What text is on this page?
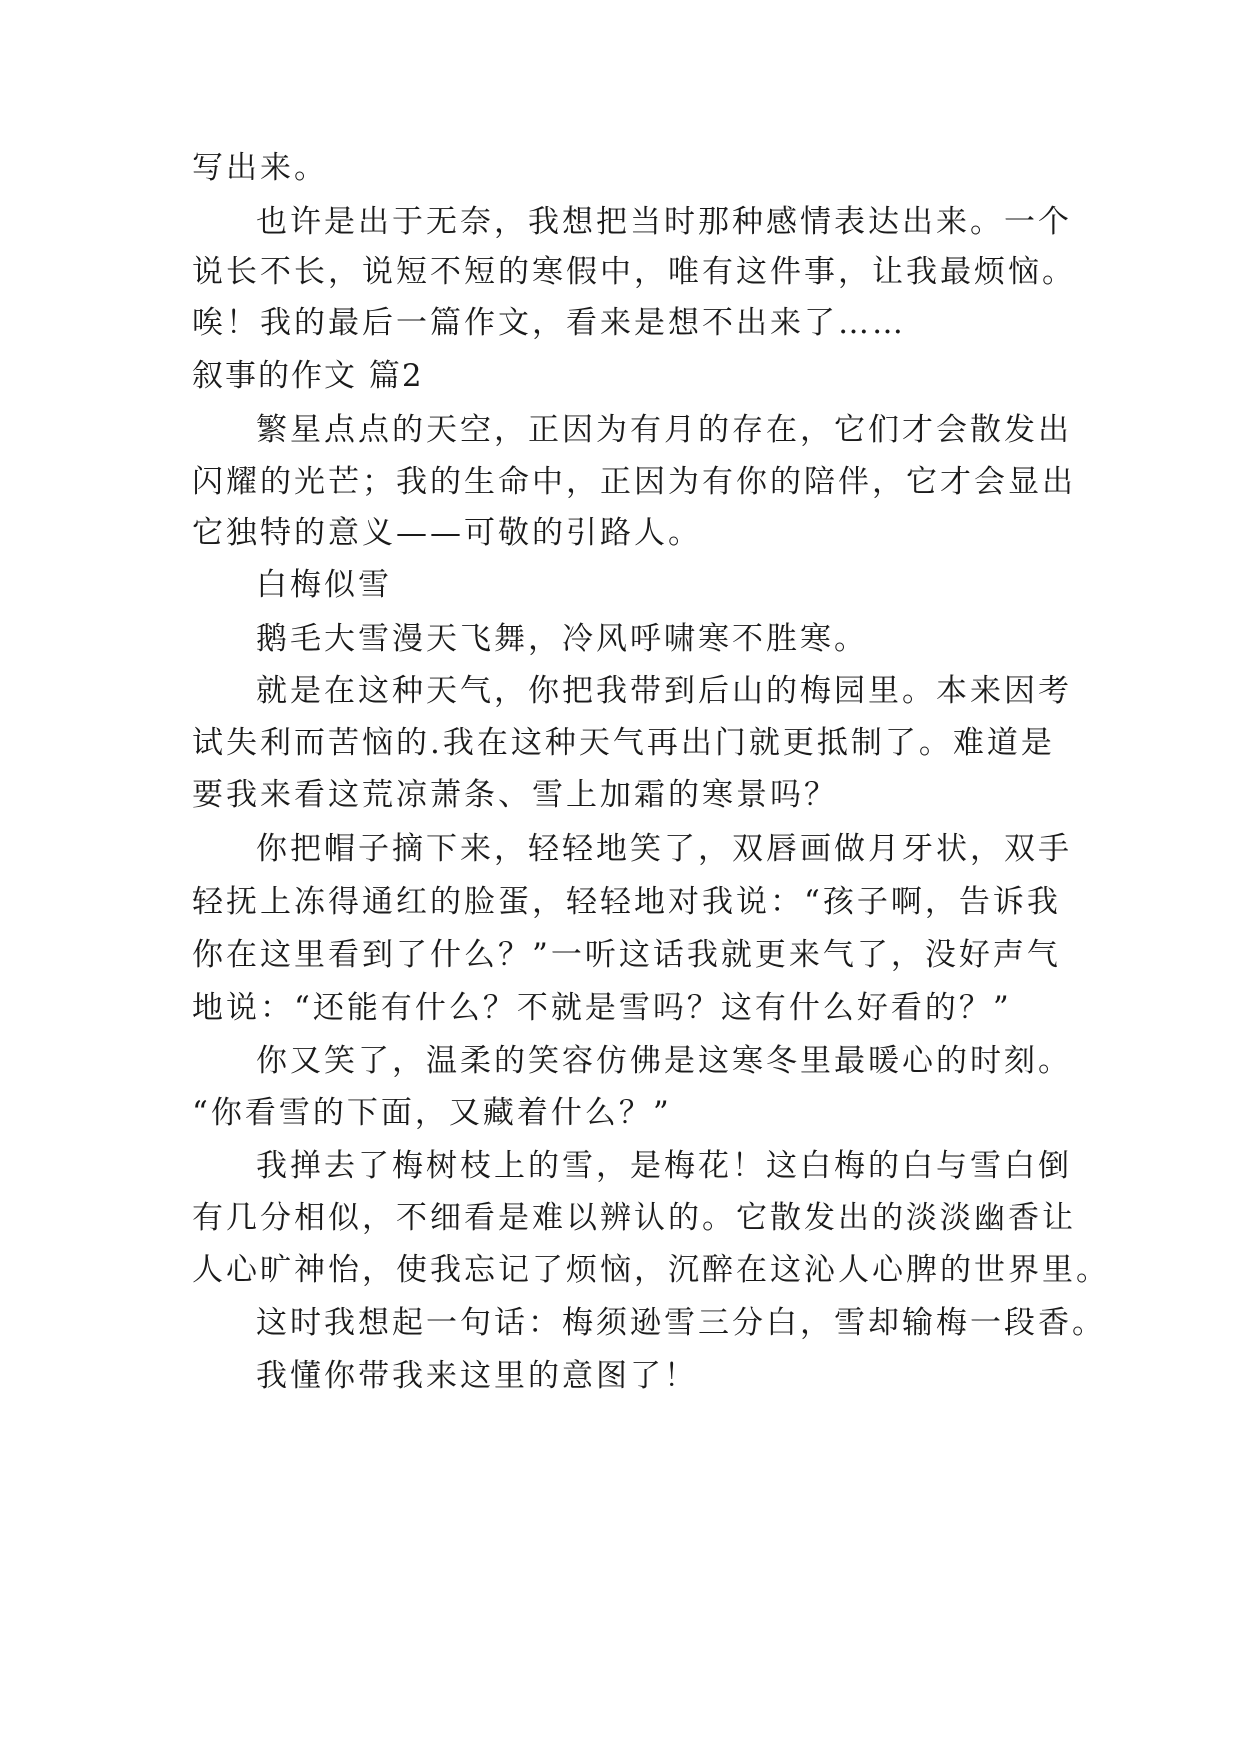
写出来。
也许是出于无奈，我想把当时那种感情表达出来。一个
说长不长，说短不短的寒假中，唯有这件事，让我最烦恼。
唉！我的最后一篇作文，看来是想不出来了……
叙事的作文 篇2
繁星点点的天空，正因为有月的存在，它们才会散发出
闪耀的光芒；我的生命中，正因为有你的陪伴，它才会显出
它独特的意义——可敬的引路人。
白梅似雪
鹅毛大雪漫天飞舞，冷风呼啸寒不胜寒。
就是在这种天气，你把我带到后山的梅园里。本来因考
试失利而苦恼的.我在这种天气再出门就更抵制了。难道是
要我来看这荒凉萧条、雪上加霜的寒景吗？
你把帽子摘下来，轻轻地笑了，双唇画做月牙状，双手
轻抚上冻得通红的脸蛋，轻轻地对我说：“孩子啊，告诉我
你在这里看到了什么？”一听这话我就更来气了，没好声气
地说：“还能有什么？不就是雪吗？这有什么好看的？”
你又笑了，温柔的笑容仿佛是这寒冬里最暖心的时刻。
“你看雪的下面，又藏着什么？”
我掸去了梅树枝上的雪，是梅花！这白梅的白与雪白倒
有几分相似，不细看是难以辨认的。它散发出的淡淡幽香让
人心旷神怡，使我忘记了烦恼，沉醉在这沁人心脾的世界里。
这时我想起一句话：梅须逊雪三分白，雪却输梅一段香。
我懂你带我来这里的意图了！
